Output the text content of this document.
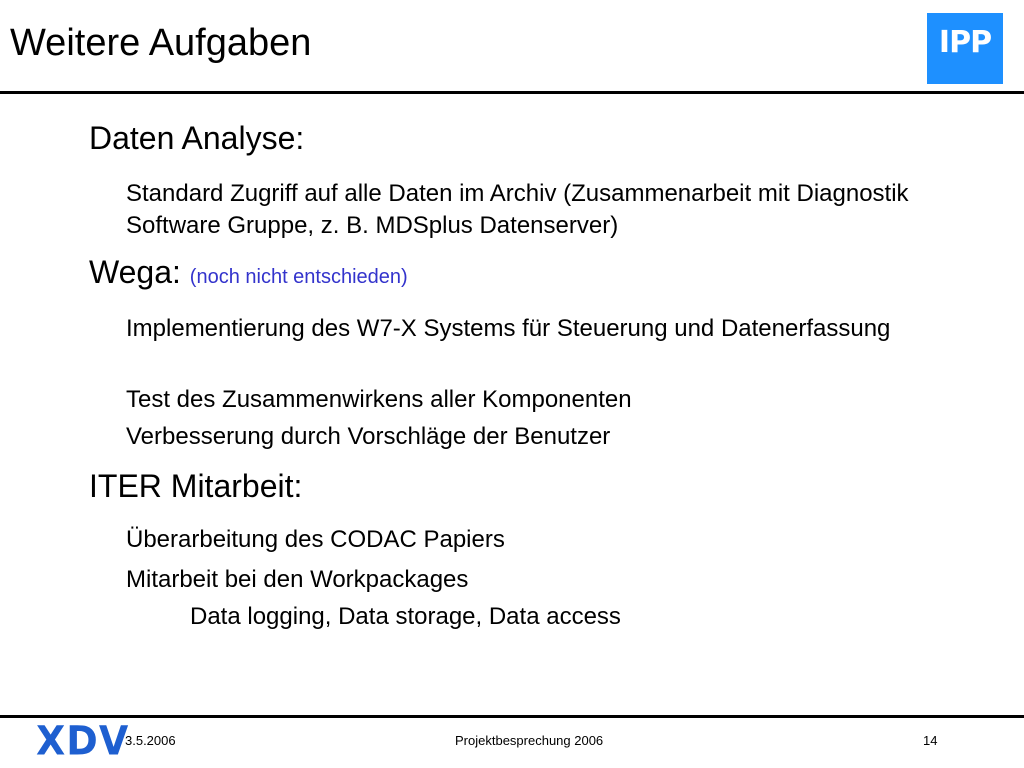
Weitere Aufgaben	IPP
Daten Analyse:
Standard Zugriff auf alle Daten im Archiv (Zusammenarbeit mit Diagnostik Software Gruppe, z. B. MDSplus Datenserver)
Wega: (noch nicht entschieden)
Implementierung des W7-X Systems für Steuerung und Datenerfassung
Test des Zusammenwirkens aller Komponenten
Verbesserung durch Vorschläge der Benutzer
ITER Mitarbeit:
Überarbeitung des CODAC Papiers
Mitarbeit bei den Workpackages
Data logging, Data storage, Data access
XDV
3.5.2006	Projektbesprechung 2006	14
